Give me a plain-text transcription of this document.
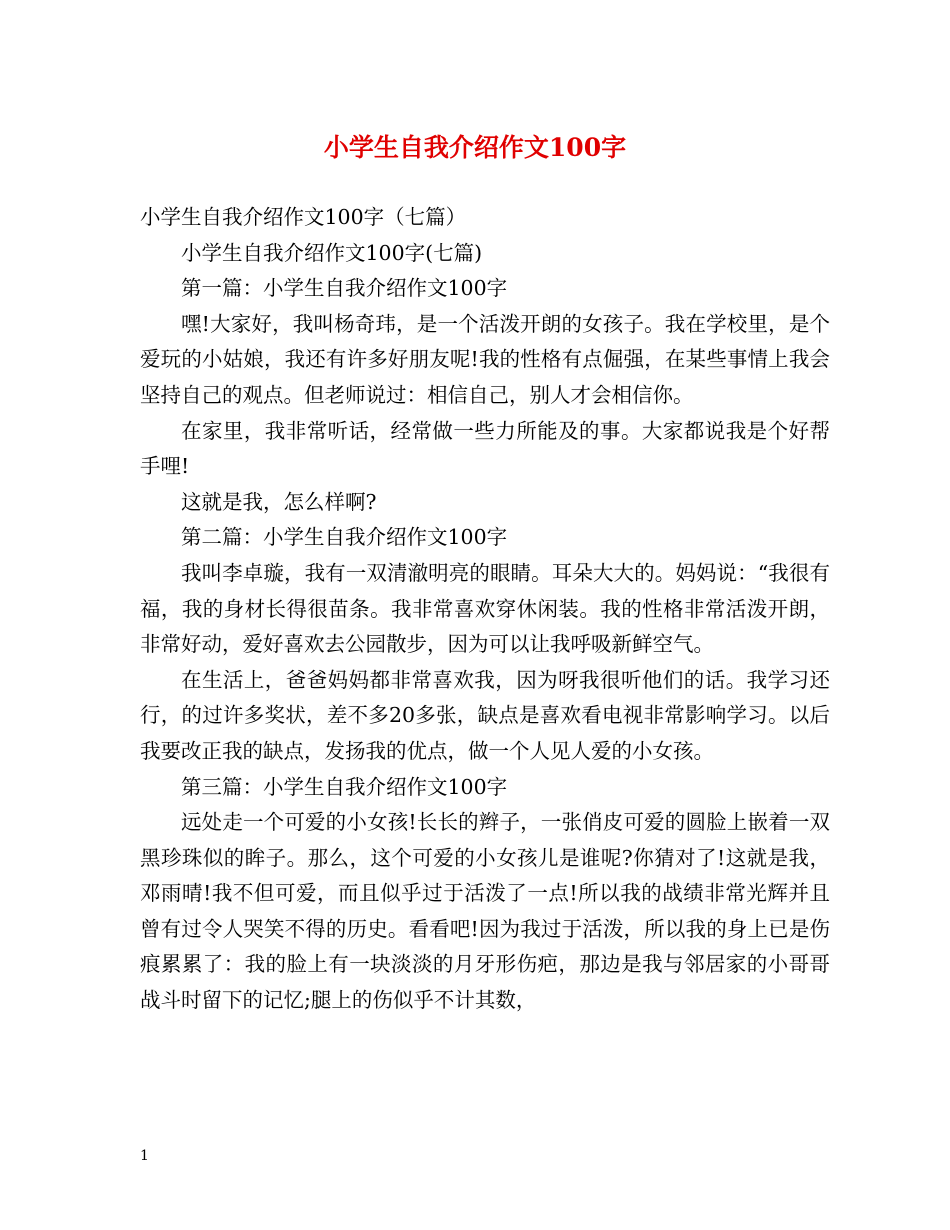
小学生自我介绍作文100字

小学生自我介绍作文100字（七篇）

小学生自我介绍作文100字(七篇)

第一篇：小学生自我介绍作文100字

嘿!大家好，我叫杨奇玮，是一个活泼开朗的女孩子。我在学校里，是个爱玩的小姑娘，我还有许多好朋友呢!我的性格有点倔强，在某些事情上我会坚持自己的观点。但老师说过：相信自己，别人才会相信你。

在家里，我非常听话，经常做一些力所能及的事。大家都说我是个好帮手哩!

这就是我，怎么样啊?

第二篇：小学生自我介绍作文100字

我叫李卓璇，我有一双清澈明亮的眼睛。耳朵大大的。妈妈说：“我很有福，我的身材长得很苗条。我非常喜欢穿休闲装。我的性格非常活泼开朗，非常好动，爱好喜欢去公园散步，因为可以让我呼吸新鲜空气。

在生活上，爸爸妈妈都非常喜欢我，因为呀我很听他们的话。我学习还行，的过许多奖状，差不多20多张，缺点是喜欢看电视非常影响学习。以后我要改正我的缺点，发扬我的优点，做一个人见人爱的小女孩。

第三篇：小学生自我介绍作文100字

远处走一个可爱的小女孩!长长的辫子，一张俏皮可爱的圆脸上嵌着一双黑珍珠似的眸子。那么，这个可爱的小女孩儿是谁呢?你猜对了!这就是我，邓雨晴!我不但可爱，而且似乎过于活泼了一点!所以我的战绩非常光辉并且曾有过令人哭笑不得的历史。看看吧!因为我过于活泼，所以我的身上已是伤痕累累了：我的脸上有一块淡淡的月牙形伤疤，那边是我与邻居家的小哥哥战斗时留下的记忆;腿上的伤似乎不计其数，

1
